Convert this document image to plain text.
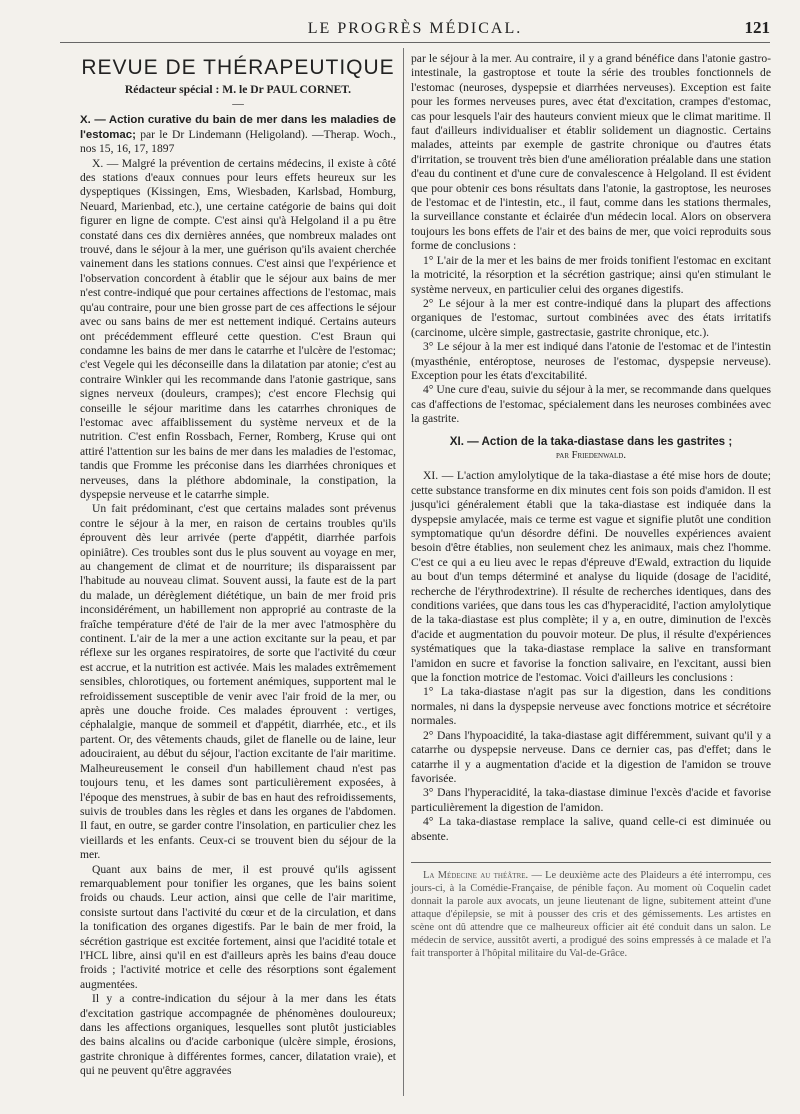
LE PROGRÈS MÉDICAL.	121
REVUE DE THÉRAPEUTIQUE
Rédacteur spécial : M. le Dr PAUL CORNET.
—

X. — Action curative du bain de mer dans les maladies de l'estomac; par le Dr Lindemann (Heligoland). —Therap. Woch., nos 15, 16, 17, 1897

X. — Malgré la prévention de certains médecins, il existe à côté des stations d'eaux connues pour leurs effets heureux sur les dyspeptiques (Kissingen, Ems, Wiesbaden, Karlsbad, Homburg, Neuard, Marienbad, etc.), une certaine catégorie de bains qui doit figurer en ligne de compte. C'est ainsi qu'à Helgoland il a pu être constaté dans ces dix dernières années, que nombreux malades ont trouvé, dans le séjour à la mer, une guérison qu'ils avaient cherchée vainement dans les stations connues. C'est ainsi que l'expérience et l'observation concordent à établir que le séjour aux bains de mer n'est contre-indiqué que pour certaines affections de l'estomac, mais qu'au contraire, pour une bien grosse part de ces affections le séjour avec ou sans bains de mer est nettement indiqué. Certains auteurs ont précédemment effleuré cette question. C'est Braun qui condamne les bains de mer dans le catarrhe et l'ulcère de l'estomac; c'est Vegele qui les déconseille dans la dilatation par atonie; c'est au contraire Winkler qui les recommande dans l'atonie gastrique, sans signes nerveux (douleurs, crampes); c'est encore Flechsig qui conseille le séjour maritime dans les catarrhes chroniques de l'estomac avec affaiblissement du système nerveux et de la nutrition. C'est enfin Rossbach, Ferner, Romberg, Kruse qui ont attiré l'attention sur les bains de mer dans les maladies de l'estomac, tandis que Fromme les préconise dans les diarrhées chroniques et nerveuses, dans la pléthore abdominale, la constipation, la dyspepsie nerveuse et le catarrhe simple.

Un fait prédominant, c'est que certains malades sont prévenus contre le séjour à la mer, en raison de certains troubles qu'ils éprouvent dès leur arrivée (perte d'appétit, diarrhée parfois opiniâtre). Ces troubles sont dus le plus souvent au voyage en mer, au changement de climat et de nourriture; ils disparaissent par l'habitude au nouveau climat. Souvent aussi, la faute est de la part du malade, un dérèglement diététique, un bain de mer froid pris inconsidérément, un habillement non approprié au contraste de la fraîche température d'été de l'air de la mer avec l'atmosphère du continent. L'air de la mer a une action excitante sur la peau, et par réflexe sur les organes respiratoires, de sorte que l'activité du cœur est accrue, et la nutrition est activée. Mais les malades extrêmement sensibles, chlorotiques, ou fortement anémiques, supportent mal le refroidissement susceptible de venir avec l'air froid de la mer, ou après une douche froide. Ces malades éprouvent : vertiges, céphalalgie, manque de sommeil et d'appétit, diarrhée, etc., et ils partent. Or, des vêtements chauds, gilet de flanelle ou de laine, leur adouciraient, au début du séjour, l'action excitante de l'air maritime. Malheureusement le conseil d'un habillement chaud n'est pas toujours tenu, et les dames sont particulièrement exposées, à l'époque des menstrues, à subir de bas en haut des refroidissements, suivis de troubles dans les règles et dans les organes de l'abdomen. Il faut, en outre, se garder contre l'insolation, en particulier chez les vieillards et les enfants. Ceux-ci se trouvent bien du séjour de la mer.

Quant aux bains de mer, il est prouvé qu'ils agissent remarquablement pour tonifier les organes, que les bains soient froids ou chauds. Leur action, ainsi que celle de l'air maritime, consiste surtout dans l'activité du cœur et de la circulation, et dans la tonification des organes digestifs. Par le bain de mer froid, la sécrétion gastrique est excitée fortement, ainsi que l'acidité totale et l'HCL libre, ainsi qu'il en est d'ailleurs après les bains d'eau douce froids ; l'activité motrice et celle des résorptions sont également augmentées.

Il y a contre-indication du séjour à la mer dans les états d'excitation gastrique accompagnée de phénomènes douloureux; dans les affections organiques, lesquelles sont plutôt justiciables des bains alcalins ou d'acide carbonique (ulcère simple, érosions, gastrite chronique à différentes formes, cancer, dilatation vraie), et qui ne peuvent qu'être aggravées

par le séjour à la mer. Au contraire, il y a grand bénéfice dans l'atonie gastro-intestinale, la gastroptose et toute la série des troubles fonctionnels de l'estomac (neuroses, dyspepsie et diarrhées nerveuses). Exception est faite pour les formes nerveuses pures, avec état d'excitation, crampes d'estomac, cas pour lesquels l'air des hauteurs convient mieux que le climat maritime. Il faut d'ailleurs individualiser et établir solidement un diagnostic. Certains malades, atteints par exemple de gastrite chronique ou d'autres états d'irritation, se trouvent très bien d'une amélioration préalable dans une station d'eau du continent et d'une cure de convalescence à Helgoland. Il est évident que pour obtenir ces bons résultats dans l'atonie, la gastroptose, les neuroses de l'estomac et de l'intestin, etc., il faut, comme dans les stations thermales, la surveillance constante et éclairée d'un médecin local. Alors on observera toujours les bons effets de l'air et des bains de mer, que voici reproduits sous forme de conclusions :

1° L'air de la mer et les bains de mer froids tonifient l'estomac en excitant la motricité, la résorption et la sécrétion gastrique; ainsi qu'en stimulant le système nerveux, en particulier celui des organes digestifs.

2° Le séjour à la mer est contre-indiqué dans la plupart des affections organiques de l'estomac, surtout combinées avec des états irritatifs (carcinome, ulcère simple, gastrectasie, gastrite chronique, etc.).

3° Le séjour à la mer est indiqué dans l'atonie de l'estomac et de l'intestin (myasthénie, entéroptose, neuroses de l'estomac, dyspepsie nerveuse). Exception pour les états d'excitabilité.

4° Une cure d'eau, suivie du séjour à la mer, se recommande dans quelques cas d'affections de l'estomac, spécialement dans les neuroses combinées avec la gastrite.

XI. — Action de la taka-diastase dans les gastrites ;
par Friedenwald.

XI. — L'action amylolytique de la taka-diastase a été mise hors de doute; cette substance transforme en dix minutes cent fois son poids d'amidon. Il est jusqu'ici généralement établi que la taka-diastase est indiquée dans la dyspepsie amylacée, mais ce terme est vague et signifie plutôt une condition symptomatique qu'un désordre défini. De nouvelles expériences avaient besoin d'être établies, non seulement chez les animaux, mais chez l'homme. C'est ce qui a eu lieu avec le repas d'épreuve d'Ewald, extraction du liquide au bout d'un temps déterminé et analyse du liquide (dosage de l'acidité, recherche de l'érythrodextrine). Il résulte de recherches identiques, dans des conditions variées, que dans tous les cas d'hyperacidité, l'action amylolytique de la taka-diastase est plus complète; il y a, en outre, diminution de l'excès d'acide et augmentation du pouvoir moteur. De plus, il résulte d'expériences systématiques que la taka-diastase remplace la salive en transformant l'amidon en sucre et favorise la fonction salivaire, en l'excitant, aussi bien que la fonction motrice de l'estomac. Voici d'ailleurs les conclusions :

1° La taka-diastase n'agit pas sur la digestion, dans les conditions normales, ni dans la dyspepsie nerveuse avec fonctions motrice et sécrétoire normales.

2° Dans l'hypoacidité, la taka-diastase agit différemment, suivant qu'il y a catarrhe ou dyspepsie nerveuse. Dans ce dernier cas, pas d'effet; dans le catarrhe il y a augmentation d'acide et la digestion de l'amidon se trouve favorisée.

3° Dans l'hyperacidité, la taka-diastase diminue l'excès d'acide et favorise particulièrement la digestion de l'amidon.

4° La taka-diastase remplace la salive, quand celle-ci est diminuée ou absente.

La Médecine au théâtre. — Le deuxième acte des Plaideurs a été interrompu, ces jours-ci, à la Comédie-Française, de pénible façon. Au moment où Coquelin cadet donnait la parole aux avocats, un jeune lieutenant de ligne, subitement atteint d'une attaque d'épilepsie, se mit à pousser des cris et des gémissements. Les artistes en scène ont dû attendre que ce malheureux officier ait été conduit dans un salon. Le médecin de service, aussitôt averti, a prodigué des soins empressés à ce malade et l'a fait transporter à l'hôpital militaire du Val-de-Grâce.
